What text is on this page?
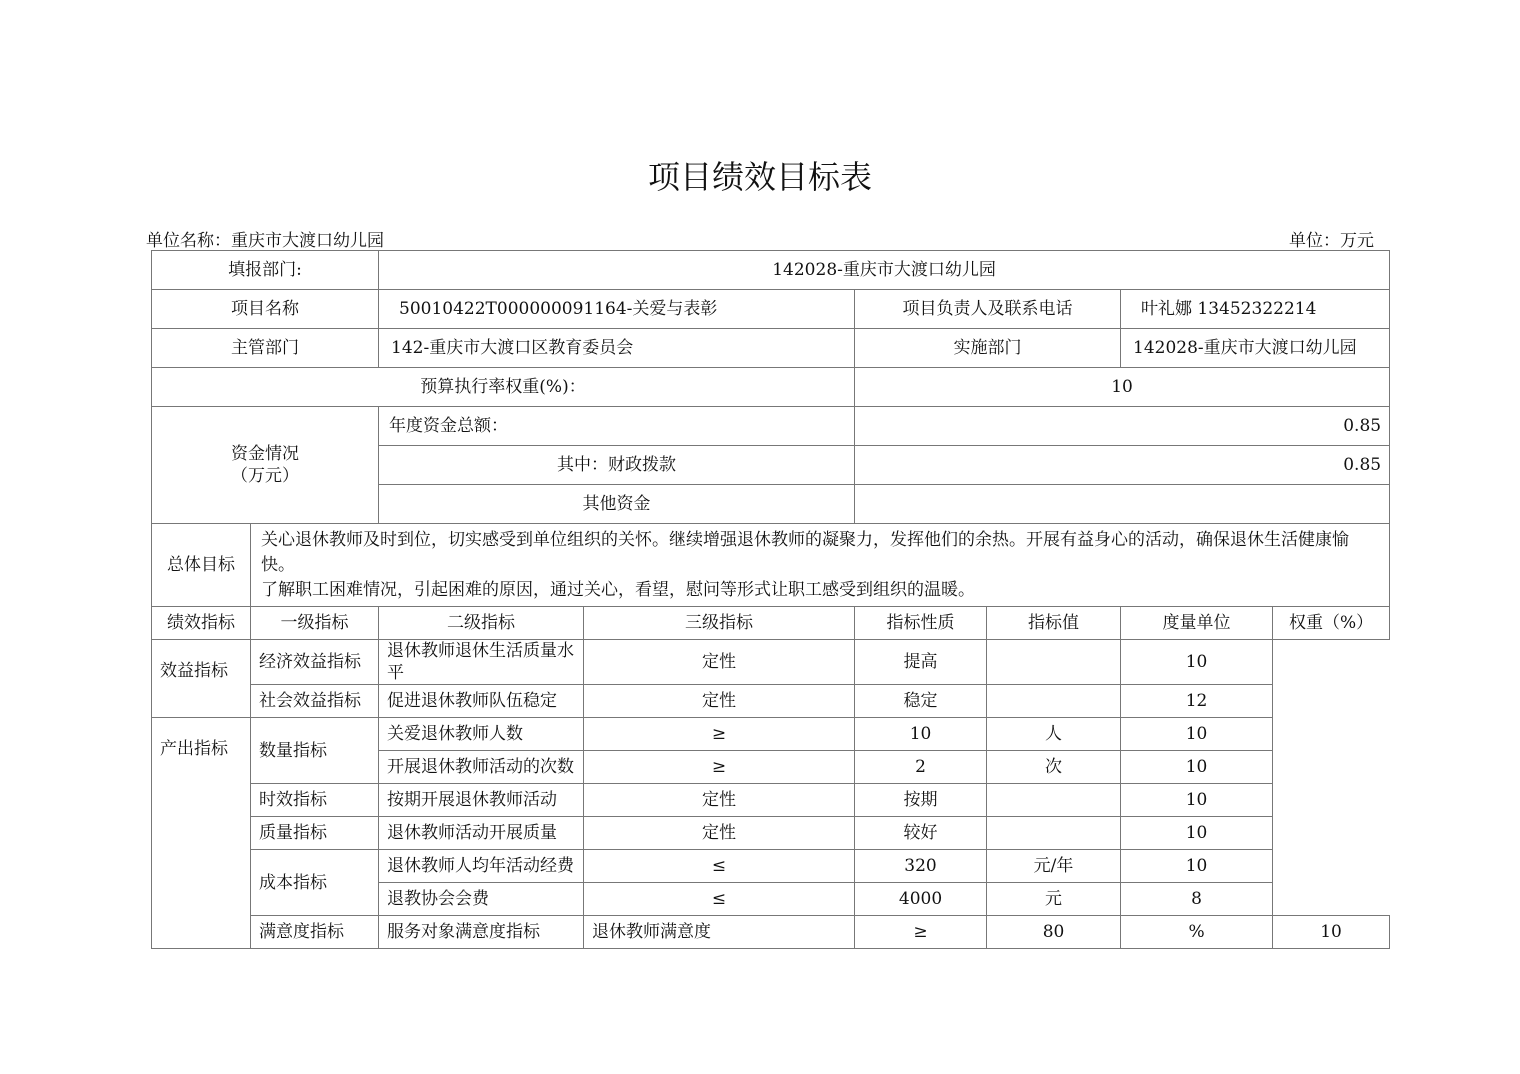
项目绩效目标表
单位名称：重庆市大渡口幼儿园	单位：万元
填报部门:		142028-重庆市大渡口幼儿园					
项目名称		50010422T000000091164-关爱与表彰		项目负责人及联系电话		叶礼娜 13452322214	
主管部门		142-重庆市大渡口区教育委员会		实施部门		142028-重庆市大渡口幼儿园	
预算执行率权重(%)：				10			
资金情况
（万元）		年度资金总额：		0.85			
		其中：财政拨款		0.85			
		其他资金					
总体目标	关心退休教师及时到位，切实感受到单位组织的关怀。继续增强退休教师的凝聚力，发挥他们的余热。开展有益身心的活动，确保退休生活健康愉快。
了解职工困难情况，引起困难的原因，通过关心，看望，慰问等形式让职工感受到组织的温暖。						

绩效指标	一级指标	二级指标	三级指标	指标性质	指标值	度量单位	权重（%）
效益指标	经济效益指标	退休教师退休生活质量水平	定性	提高		10	
	社会效益指标	促进退休教师队伍稳定	定性	稳定		12	
产出指标	数量指标	关爱退休教师人数	≥	10	人	10	
		开展退休教师活动的次数	≥	2	次	10	
	时效指标	按期开展退休教师活动	定性	按期		10	
	质量指标	退休教师活动开展质量	定性	较好		10	
	成本指标	退休教师人均年活动经费	≤	320	元/年	10	
		退教协会会费	≤	4000	元	8	
	满意度指标	服务对象满意度指标	退休教师满意度	≥	80	%	10
